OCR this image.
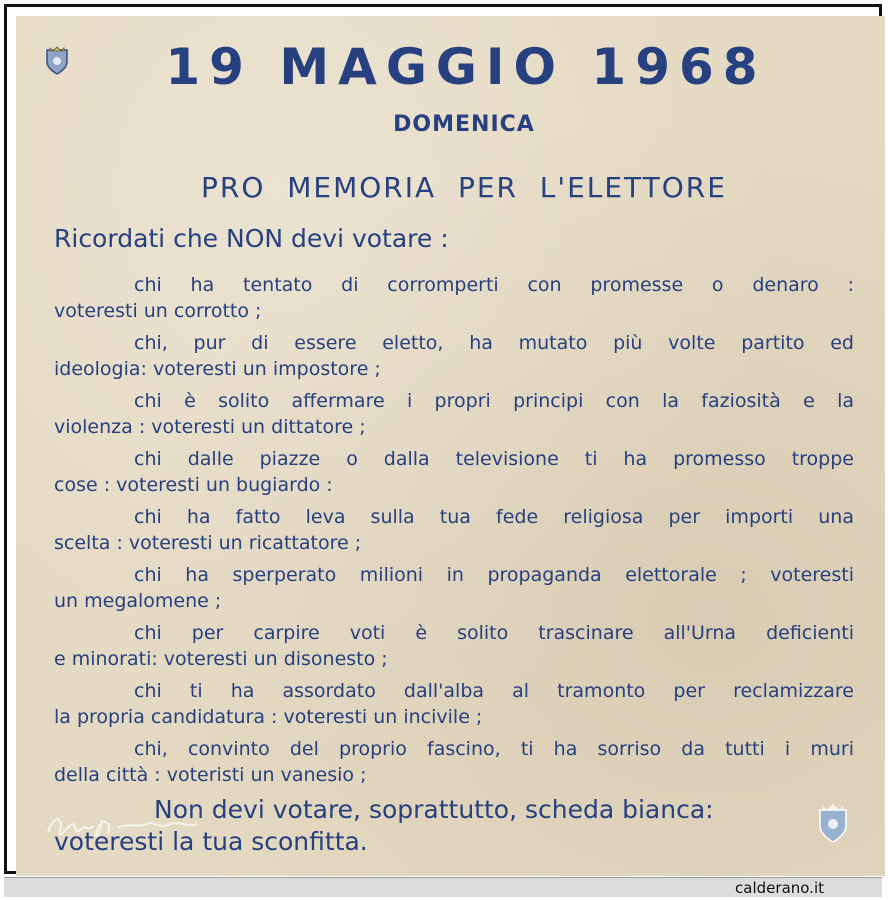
19 MAGGIO 1968
DOMENICA
PRO  MEMORIA  PER  L'ELETTORE
Ricordati che NON devi votare :
chi ha tentato di corromperti con promesse o denaro :
voteresti un corrotto ;
chi, pur di essere eletto, ha mutato più volte partito ed
ideologia: voteresti un impostore ;
chi è solito affermare i propri principi con la faziosità e la
violenza : voteresti un dittatore ;
chi dalle piazze o dalla televisione ti ha promesso troppe
cose : voteresti un bugiardo :
chi ha fatto leva sulla tua fede religiosa per importi una
scelta : voteresti un ricattatore ;
chi ha sperperato milioni in propaganda elettorale ; voteresti
un megalomene ;
chi per carpire voti è solito trascinare all'Urna deficienti
e minorati: voteresti un disonesto ;
chi ti ha assordato dall'alba al tramonto per reclamizzare
la propria candidatura : voteresti un incivile ;
chi, convinto del proprio fascino, ti ha sorriso da tutti i muri
della città : voteristi un vanesio ;
Non devi votare, soprattutto, scheda bianca:
voteresti la tua sconfitta.
calderano.it
